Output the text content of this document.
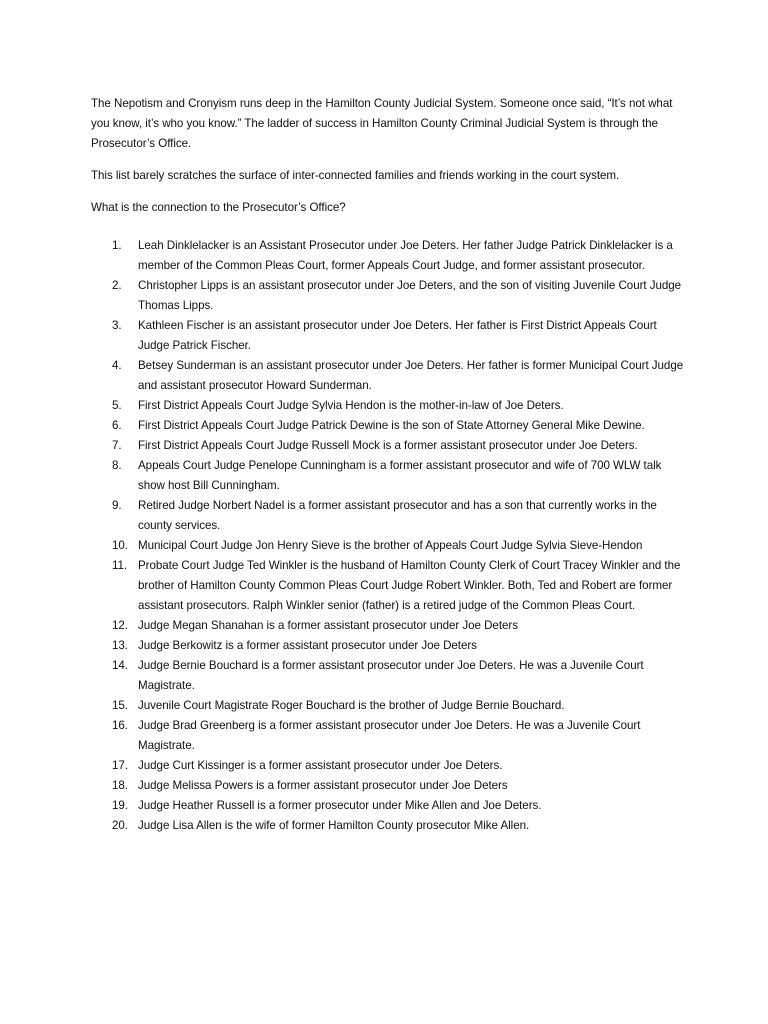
The Nepotism and Cronyism runs deep in the Hamilton County Judicial System. Someone once said, “It’s not what you know, it’s who you know.” The ladder of success in Hamilton County Criminal Judicial System is through the Prosecutor’s Office.

This list barely scratches the surface of inter-connected families and friends working in the court system.

What is the connection to the Prosecutor’s Office?

1.	Leah Dinklelacker is an Assistant Prosecutor under Joe Deters. Her father Judge Patrick Dinklelacker is a member of the Common Pleas Court, former Appeals Court Judge, and former assistant prosecutor.
2.	Christopher Lipps is an assistant prosecutor under Joe Deters, and the son of visiting Juvenile Court Judge Thomas Lipps.
3.	Kathleen Fischer is an assistant prosecutor under Joe Deters. Her father is First District Appeals Court Judge Patrick Fischer.
4.	Betsey Sunderman is an assistant prosecutor under Joe Deters. Her father is former Municipal Court Judge and assistant prosecutor Howard Sunderman.
5.	First District Appeals Court Judge Sylvia Hendon is the mother-in-law of Joe Deters.
6.	First District Appeals Court Judge Patrick Dewine is the son of State Attorney General Mike Dewine.
7.	First District Appeals Court Judge Russell Mock is a former assistant prosecutor under Joe Deters.
8.	Appeals Court Judge Penelope Cunningham is a former assistant prosecutor and wife of 700 WLW talk show host Bill Cunningham.
9.	Retired Judge Norbert Nadel is a former assistant prosecutor and has a son that currently works in the county services.
10. Municipal Court Judge Jon Henry Sieve is the brother of Appeals Court Judge Sylvia Sieve-Hendon
11. Probate Court Judge Ted Winkler is the husband of Hamilton County Clerk of Court Tracey Winkler and the brother of Hamilton County Common Pleas Court Judge Robert Winkler. Both, Ted and Robert are former assistant prosecutors. Ralph Winkler senior (father) is a retired judge of the Common Pleas Court.
12. Judge Megan Shanahan is a former assistant prosecutor under Joe Deters
13. Judge Berkowitz is a former assistant prosecutor under Joe Deters
14. Judge Bernie Bouchard is a former assistant prosecutor under Joe Deters. He was a Juvenile Court Magistrate.
15. Juvenile Court Magistrate Roger Bouchard is the brother of Judge Bernie Bouchard.
16. Judge Brad Greenberg is a former assistant prosecutor under Joe Deters. He was a Juvenile Court Magistrate.
17. Judge Curt Kissinger is a former assistant prosecutor under Joe Deters.
18. Judge Melissa Powers is a former assistant prosecutor under Joe Deters
19. Judge Heather Russell is a former prosecutor under Mike Allen and Joe Deters.
20. Judge Lisa Allen is the wife of former Hamilton County prosecutor Mike Allen.
